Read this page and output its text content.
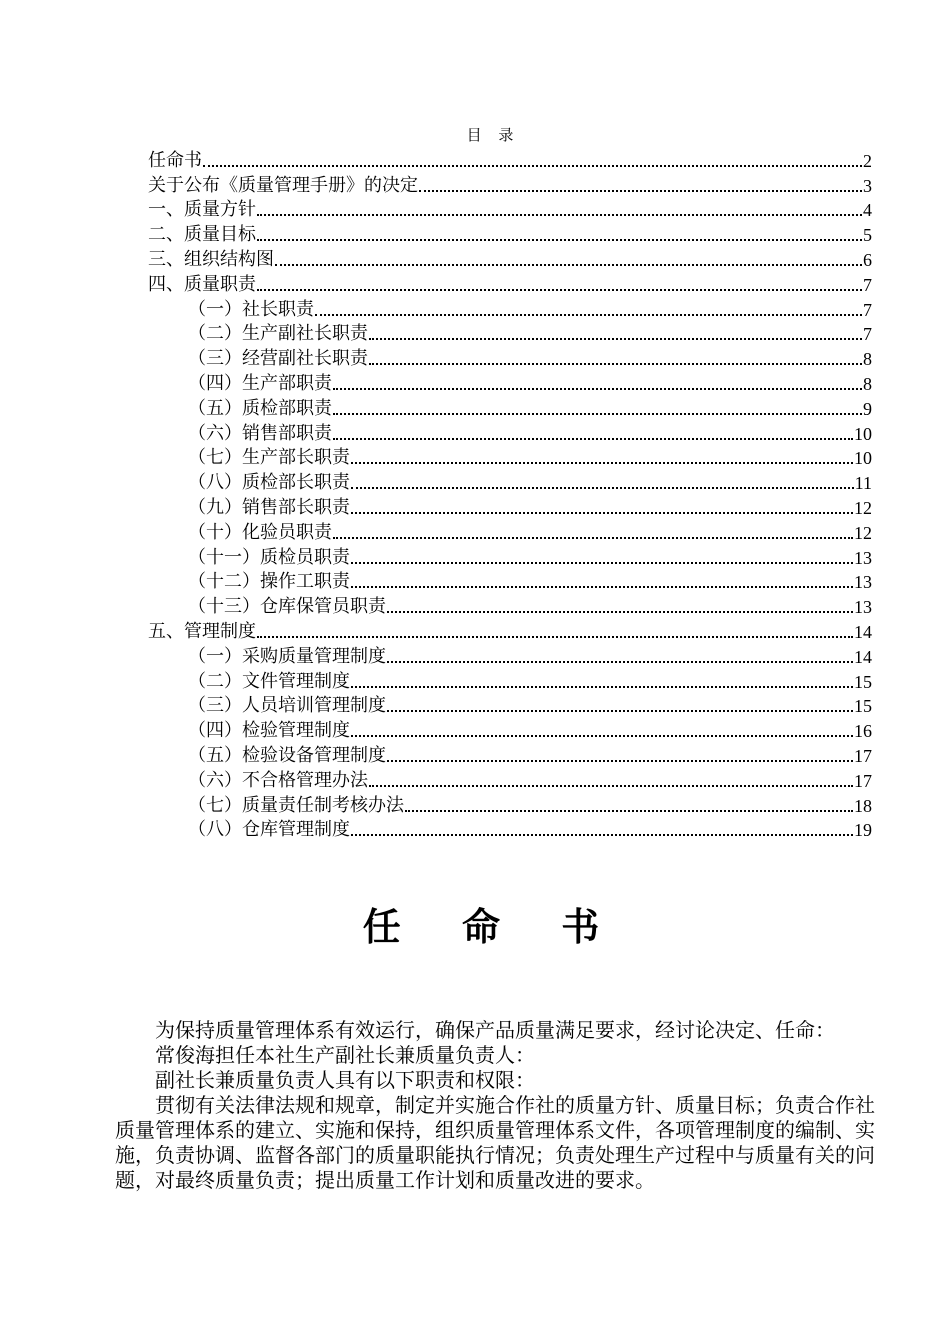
目 录
任命书	2
关于公布《质量管理手册》的决定	3
一、质量方针	4
二、质量目标	5
三、组织结构图	6
四、质量职责	7
（一）社长职责	7
（二）生产副社长职责	7
（三）经营副社长职责	8
（四）生产部职责	8
（五）质检部职责	9
（六）销售部职责	10
（七）生产部长职责	10
（八）质检部长职责	11
（九）销售部长职责	12
（十）化验员职责	12
（十一）质检员职责	13
（十二）操作工职责	13
（十三）仓库保管员职责	13
五、管理制度	14
（一）采购质量管理制度	14
（二）文件管理制度	15
（三）人员培训管理制度	15
（四）检验管理制度	16
（五）检验设备管理制度	17
（六）不合格管理办法	17
（七）质量责任制考核办法	18
（八）仓库管理制度	19
任 命 书

为保持质量管理体系有效运行，确保产品质量满足要求，经讨论决定、任命：

常俊海担任本社生产副社长兼质量负责人：

副社长兼质量负责人具有以下职责和权限：

贯彻有关法律法规和规章，制定并实施合作社的质量方针、质量目标；负责合作社质量管理体系的建立、实施和保持，组织质量管理体系文件，各项管理制度的编制、实施，负责协调、监督各部门的质量职能执行情况；负责处理生产过程中与质量有关的问题，对最终质量负责；提出质量工作计划和质量改进的要求。
